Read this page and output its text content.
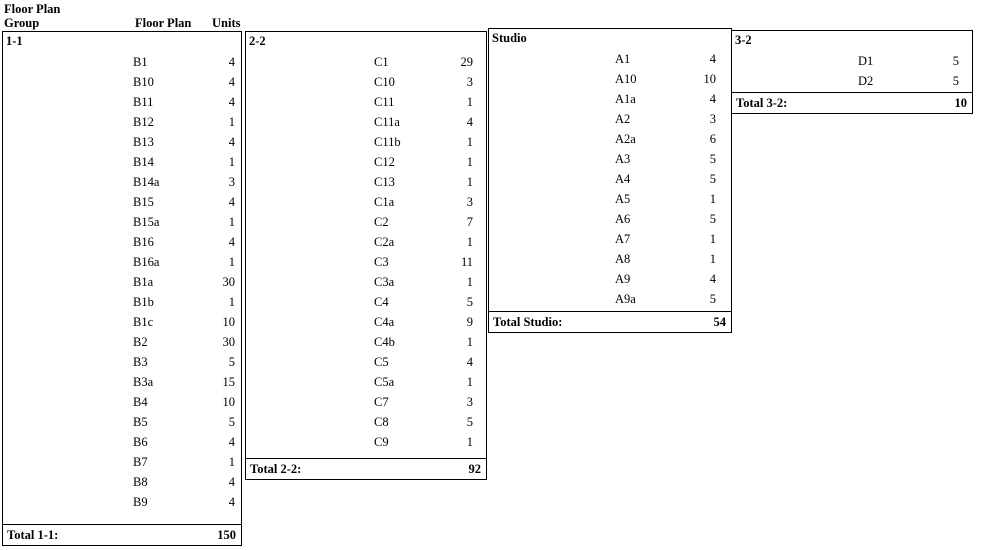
Floor Plan
Group	Floor Plan Units
1-1
B1	4
B10	4
B11	4
B12	1
B13	4
B14	1
B14a	3
B15	4
B15a	1
B16	4
B16a	1
B1a	30
B1b	1
B1c	10
B2	30
B3	5
B3a	15
B4	10
B5	5
B6	4
B7	1
B8	4
B9	4
Total 1-1:	150
2-2
C1	29
C10	3
C11	1
C11a	4
C11b	1
C12	1
C13	1
C1a	3
C2	7
C2a	1
C3	11
C3a	1
C4	5
C4a	9
C4b	1
C5	4
C5a	1
C7	3
C8	5
C9	1
Total 2-2:	92
Studio
A1	4
A10	10
A1a	4
A2	3
A2a	6
A3	5
A4	5
A5	1
A6	5
A7	1
A8	1
A9	4
A9a	5
Total Studio:	54
3-2
D1	5
D2	5
Total 3-2:	10
